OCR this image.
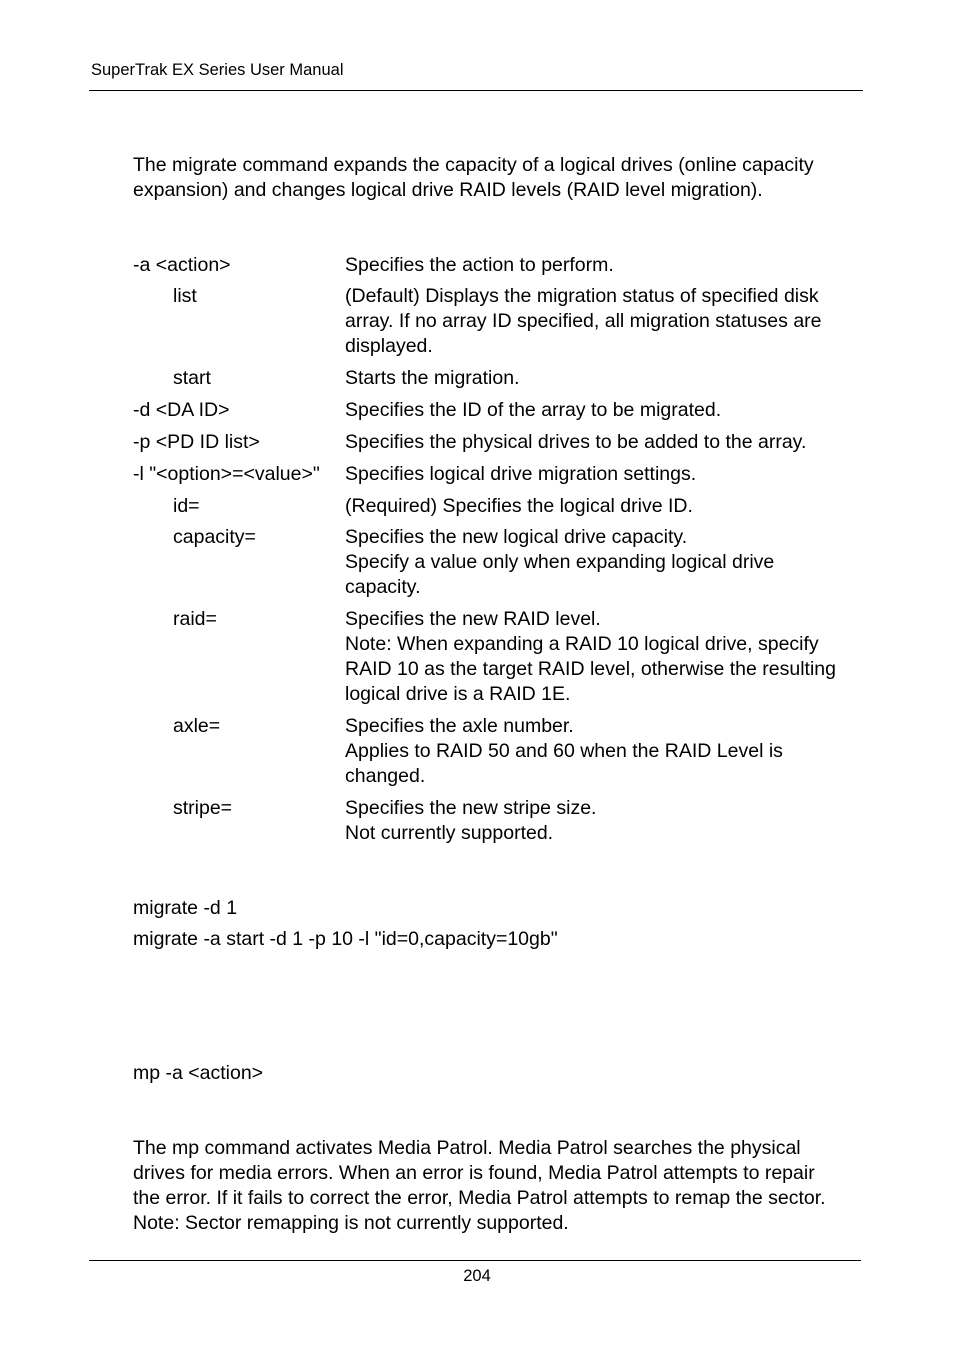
SuperTrak EX Series User Manual
The migrate command expands the capacity of a logical drives (online capacity
expansion) and changes logical drive RAID levels (RAID level migration).
-a <action>	Specifies the action to perform.
list	(Default) Displays the migration status of specified disk
array. If no array ID specified, all migration statuses are
displayed.
start	Starts the migration.
-d <DA ID>	Specifies the ID of the array to be migrated.
-p <PD ID list>	Specifies the physical drives to be added to the array.
-l "<option>=<value>" Specifies logical drive migration settings.
id=	(Required) Specifies the logical drive ID.
capacity=	Specifies the new logical drive capacity.
Specify a value only when expanding logical drive
capacity.
raid=	Specifies the new RAID level.
Note: When expanding a RAID 10 logical drive, specify
RAID 10 as the target RAID level, otherwise the resulting
logical drive is a RAID 1E.
axle=	Specifies the axle number.
Applies to RAID 50 and 60 when the RAID Level is
changed.
stripe=	Specifies the new stripe size.
Not currently supported.
migrate -d 1
migrate -a start -d 1 -p 10 -l "id=0,capacity=10gb"
mp -a <action>
The mp command activates Media Patrol. Media Patrol searches the physical
drives for media errors. When an error is found, Media Patrol attempts to repair
the error. If it fails to correct the error, Media Patrol attempts to remap the sector.
Note: Sector remapping is not currently supported.
204
